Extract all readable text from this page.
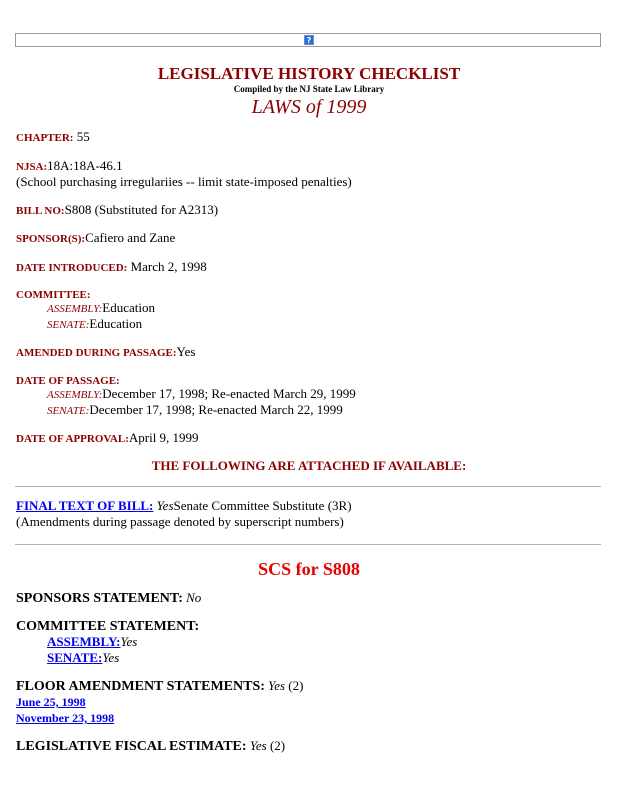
?
LEGISLATIVE HISTORY CHECKLIST
Compiled by the NJ State Law Library
LAWS of 1999
CHAPTER: 55
NJSA:18A:18A-46.1
(School purchasing irregulariies -- limit state-imposed penalties)
BILL NO:S808 (Substituted for A2313)
SPONSOR(S):Cafiero and Zane
DATE INTRODUCED: March 2, 1998
COMMITTEE:
ASSEMBLY:Education
SENATE:Education
AMENDED DURING PASSAGE:Yes
DATE OF PASSAGE:
ASSEMBLY:December 17, 1998; Re-enacted March 29, 1999
SENATE:December 17, 1998; Re-enacted March 22, 1999
DATE OF APPROVAL:April 9, 1999
THE FOLLOWING ARE ATTACHED IF AVAILABLE:
FINAL TEXT OF BILL: YesSenate Committee Substitute (3R)
(Amendments during passage denoted by superscript numbers)
SCS for S808
SPONSORS STATEMENT: No
COMMITTEE STATEMENT:
ASSEMBLY:Yes
SENATE:Yes
FLOOR AMENDMENT STATEMENTS: Yes (2)
June 25, 1998
November 23, 1998
LEGISLATIVE FISCAL ESTIMATE: Yes (2)
